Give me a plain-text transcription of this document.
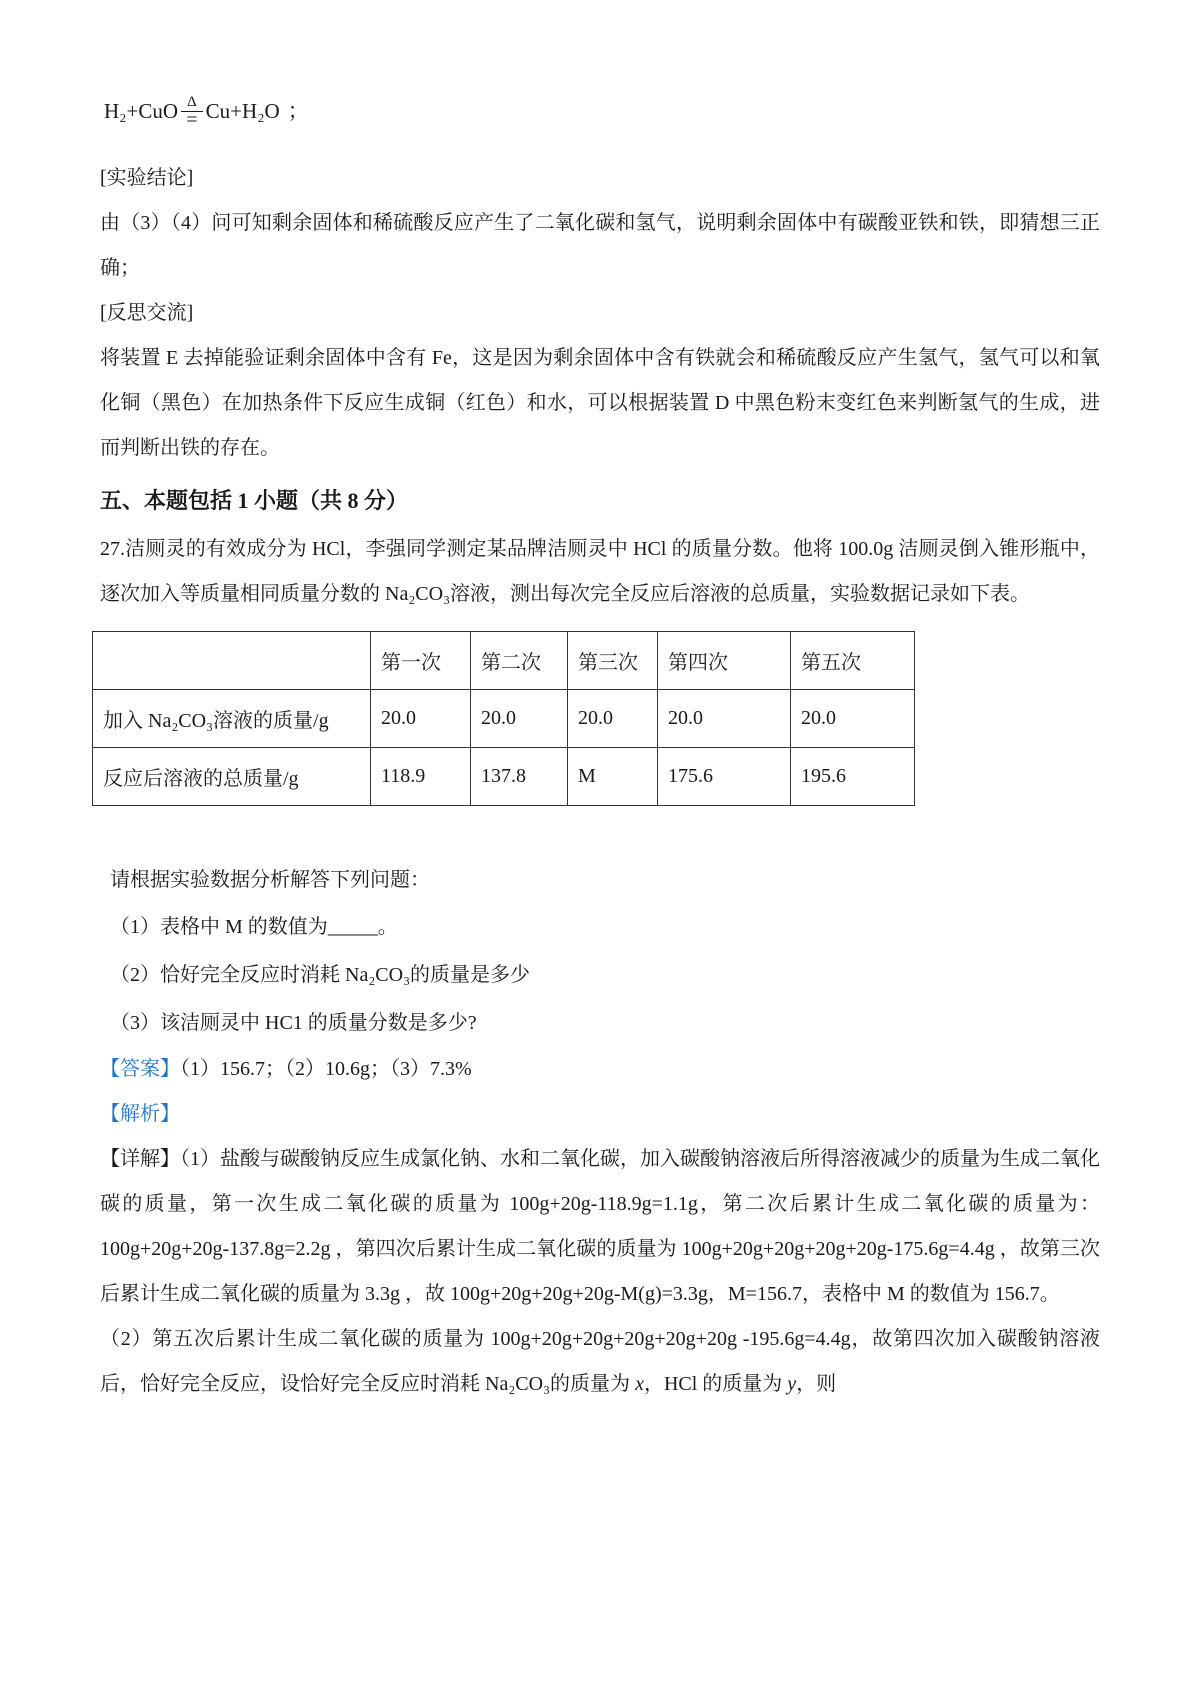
H₂+CuO Δ
= Cu+H₂O ；

[实验结论]

由（3）（4）问可知剩余固体和稀硫酸反应产生了二氧化碳和氢气，说明剩余固体中有碳酸亚铁和铁，即猜想三正确；

[反思交流]

将装置 E 去掉能验证剩余固体中含有 Fe，这是因为剩余固体中含有铁就会和稀硫酸反应产生氢气，氢气可以和氧化铜（黑色）在加热条件下反应生成铜（红色）和水，可以根据装置 D 中黑色粉末变红色来判断氢气的生成，进而判断出铁的存在。

五、本题包括 1 小题（共 8 分）

27.洁厕灵的有效成分为 HCl，李强同学测定某品牌洁厕灵中 HCl 的质量分数。他将 100.0g 洁厕灵倒入锥形瓶中，逐次加入等质量相同质量分数的 Na₂CO₃溶液，测出每次完全反应后溶液的总质量，实验数据记录如下表。

	第一次	第二次	第三次	第四次	第五次
加入 Na₂CO₃溶液的质量/g	20.0	20.0	20.0	20.0	20.0
反应后溶液的总质量/g	118.9	137.8	M	175.6	195.6

请根据实验数据分析解答下列问题：

（1）表格中 M 的数值为_____。

（2）恰好完全反应时消耗 Na₂CO₃的质量是多少

（3）该洁厕灵中 HC1 的质量分数是多少?

【答案】（1）156.7；（2）10.6g；（3）7.3%

【解析】

【详解】（1）盐酸与碳酸钠反应生成氯化钠、水和二氧化碳，加入碳酸钠溶液后所得溶液减少的质量为生成二氧化碳的质量，第一次生成二氧化碳的质量为 100g+20g-118.9g=1.1g，第二次后累计生成二氧化碳的质量为： 100g+20g+20g-137.8g=2.2g ，第四次后累计生成二氧化碳的质量为 100g+20g+20g+20g+20g-175.6g=4.4g ，故第三次后累计生成二氧化碳的质量为 3.3g ，故 100g+20g+20g+20g-M(g)=3.3g，M=156.7，表格中 M 的数值为 156.7。

（2）第五次后累计生成二氧化碳的质量为 100g+20g+20g+20g+20g+20g -195.6g=4.4g，故第四次加入碳酸钠溶液后，恰好完全反应，设恰好完全反应时消耗 Na₂CO₃的质量为 x，HCl 的质量为 y，则
